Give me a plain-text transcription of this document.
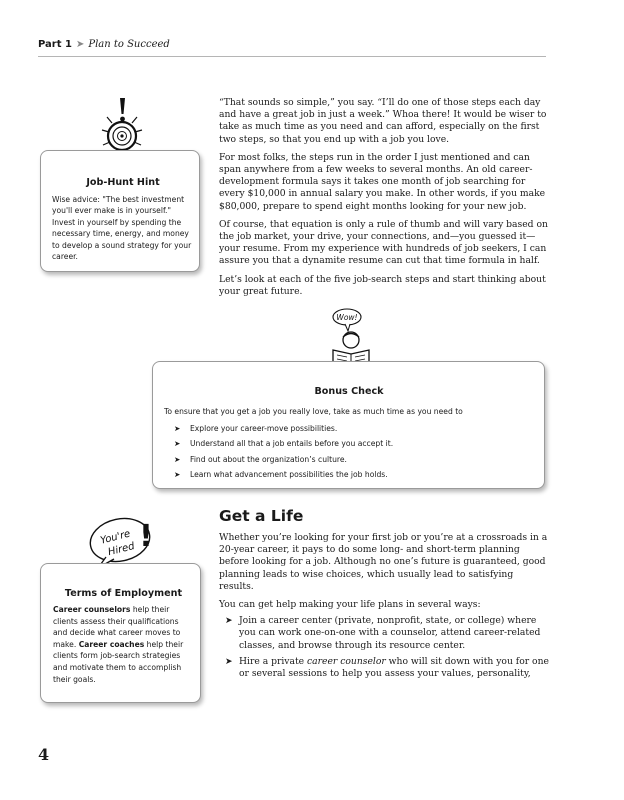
Part 1 ➤ Plan to Succeed
Job-Hunt Hint

Wise advice: "The best investment you'll ever make is in yourself." Invest in yourself by spending the necessary time, energy, and money to develop a sound strategy for your career.

“That sounds so simple,” you say. “I’ll do one of those steps each day and have a great job in just a week.” Whoa there! It would be wiser to take as much time as you need and can afford, especially on the first two steps, so that you end up with a job you love.

For most folks, the steps run in the order I just mentioned and can span anywhere from a few weeks to several months. An old career-development formula says it takes one month of job searching for every $10,000 in annual salary you make. In other words, if you make $80,000, prepare to spend eight months looking for your new job.

Of course, that equation is only a rule of thumb and will vary based on the job market, your drive, your connections, and—you guessed it—your resume. From my experience with hundreds of job seekers, I can assure you that a dynamite resume can cut that time formula in half.

Let’s look at each of the five job-search steps and start thinking about your great future.

Wow!
Bonus Check

To ensure that you get a job you really love, take as much time as you need to

➤ Explore your career-move possibilities.
➤ Understand all that a job entails before you accept it.
➤ Find out about the organization’s culture.
➤ Learn what advancement possibilities the job holds.
You're
Hired !
Terms of Employment

Career counselors help their clients assess their qualifications and decide what career moves to make. Career coaches help their clients form job-search strategies and motivate them to accomplish their goals.

Get a Life

Whether you’re looking for your first job or you’re at a crossroads in a 20-year career, it pays to do some long- and short-term planning before looking for a job. Although no one’s future is guaranteed, good planning leads to wise choices, which usually lead to satisfying results.

You can get help making your life plans in several ways:

➤ Join a career center (private, nonprofit, state, or college) where you can work one-on-one with a counselor, attend career-related classes, and browse through its resource center.
➤ Hire a private career counselor who will sit down with you for one or several sessions to help you assess your values, personality,
4
